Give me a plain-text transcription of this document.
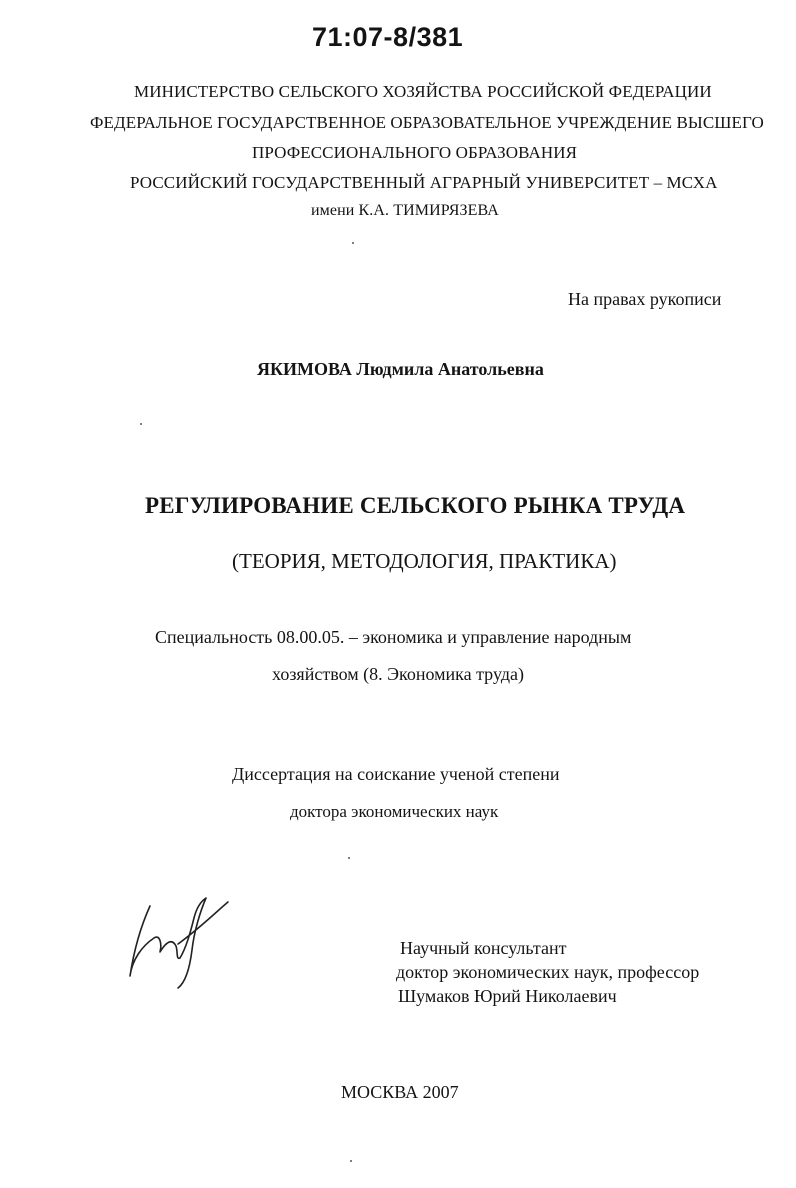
71:07-8/381
МИНИСТЕРСТВО СЕЛЬСКОГО ХОЗЯЙСТВА РОССИЙСКОЙ ФЕДЕРАЦИИ
ФЕДЕРАЛЬНОЕ ГОСУДАРСТВЕННОЕ ОБРАЗОВАТЕЛЬНОЕ УЧРЕЖДЕНИЕ ВЫСШЕГО
ПРОФЕССИОНАЛЬНОГО ОБРАЗОВАНИЯ
РОССИЙСКИЙ ГОСУДАРСТВЕННЫЙ АГРАРНЫЙ УНИВЕРСИТЕТ – МСХА
имени К.А. ТИМИРЯЗЕВА
На правах рукописи
ЯКИМОВА Людмила Анатольевна
РЕГУЛИРОВАНИЕ СЕЛЬСКОГО РЫНКА ТРУДА
(ТЕОРИЯ, МЕТОДОЛОГИЯ, ПРАКТИКА)
Специальность 08.00.05. – экономика и управление народным
хозяйством (8. Экономика труда)
Диссертация на соискание ученой степени
доктора экономических наук
Научный консультант
доктор экономических наук, профессор
Шумаков Юрий Николаевич
МОСКВА 2007
